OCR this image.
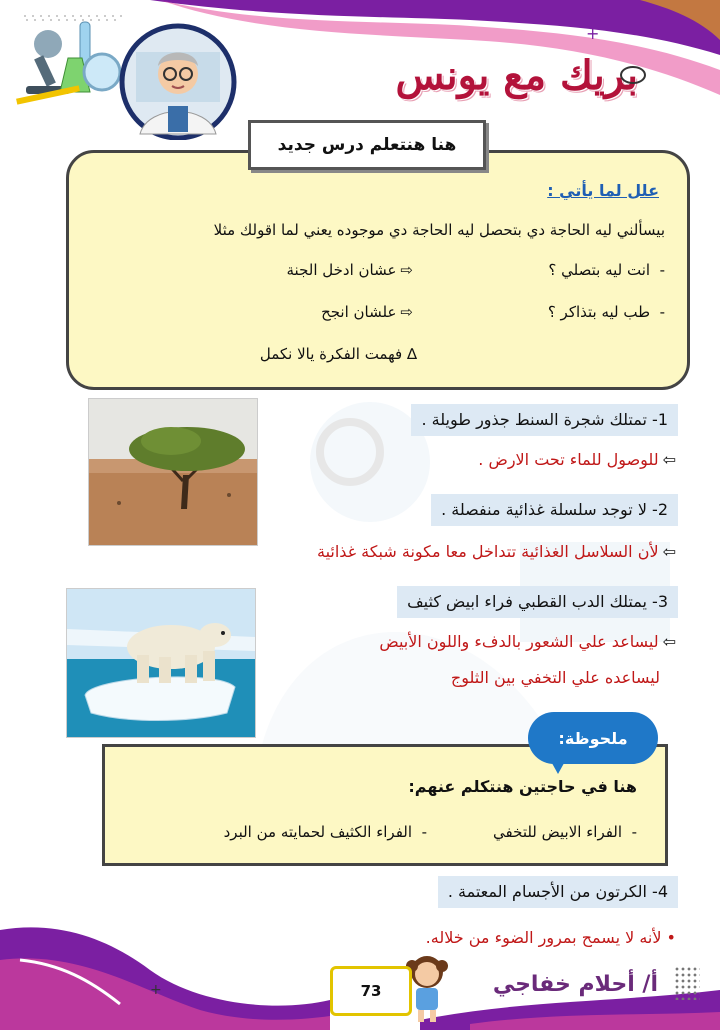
بريك مع يونس
+
هنا هنتعلم درس جديد
علل لما يأتي :
بيسألني ليه الحاجة دي بتحصل ليه الحاجة دي موجوده يعني لما اقولك مثلا
-  انت ليه بتصلي ؟
⇨عشان ادخل الجنة
-  طب ليه بتذاكر ؟
⇨علشان انجح
∆ فهمت الفكرة يالا نكمل
1- تمتلك شجرة السنط جذور طويلة .
⇦للوصول للماء تحت الارض .
2- لا توجد سلسلة غذائية منفصلة .
⇦لأن السلاسل الغذائية تتداخل معا مكونة شبكة غذائية
3- يمتلك الدب القطبي فراء ابيض كثيف
⇦ليساعد علي الشعور بالدفء واللون الأبيض
ليساعده علي التخفي بين الثلوج
ملحوظة:
هنا في حاجتين هنتكلم عنهم:
-  الفراء الابيض للتخفي
-  الفراء الكثيف لحمايته من البرد
4- الكرتون من الأجسام المعتمة .
• لأنه لا يسمح بمرور الضوء من خلاله.
73	أ/ أحلام خفاجي
+
